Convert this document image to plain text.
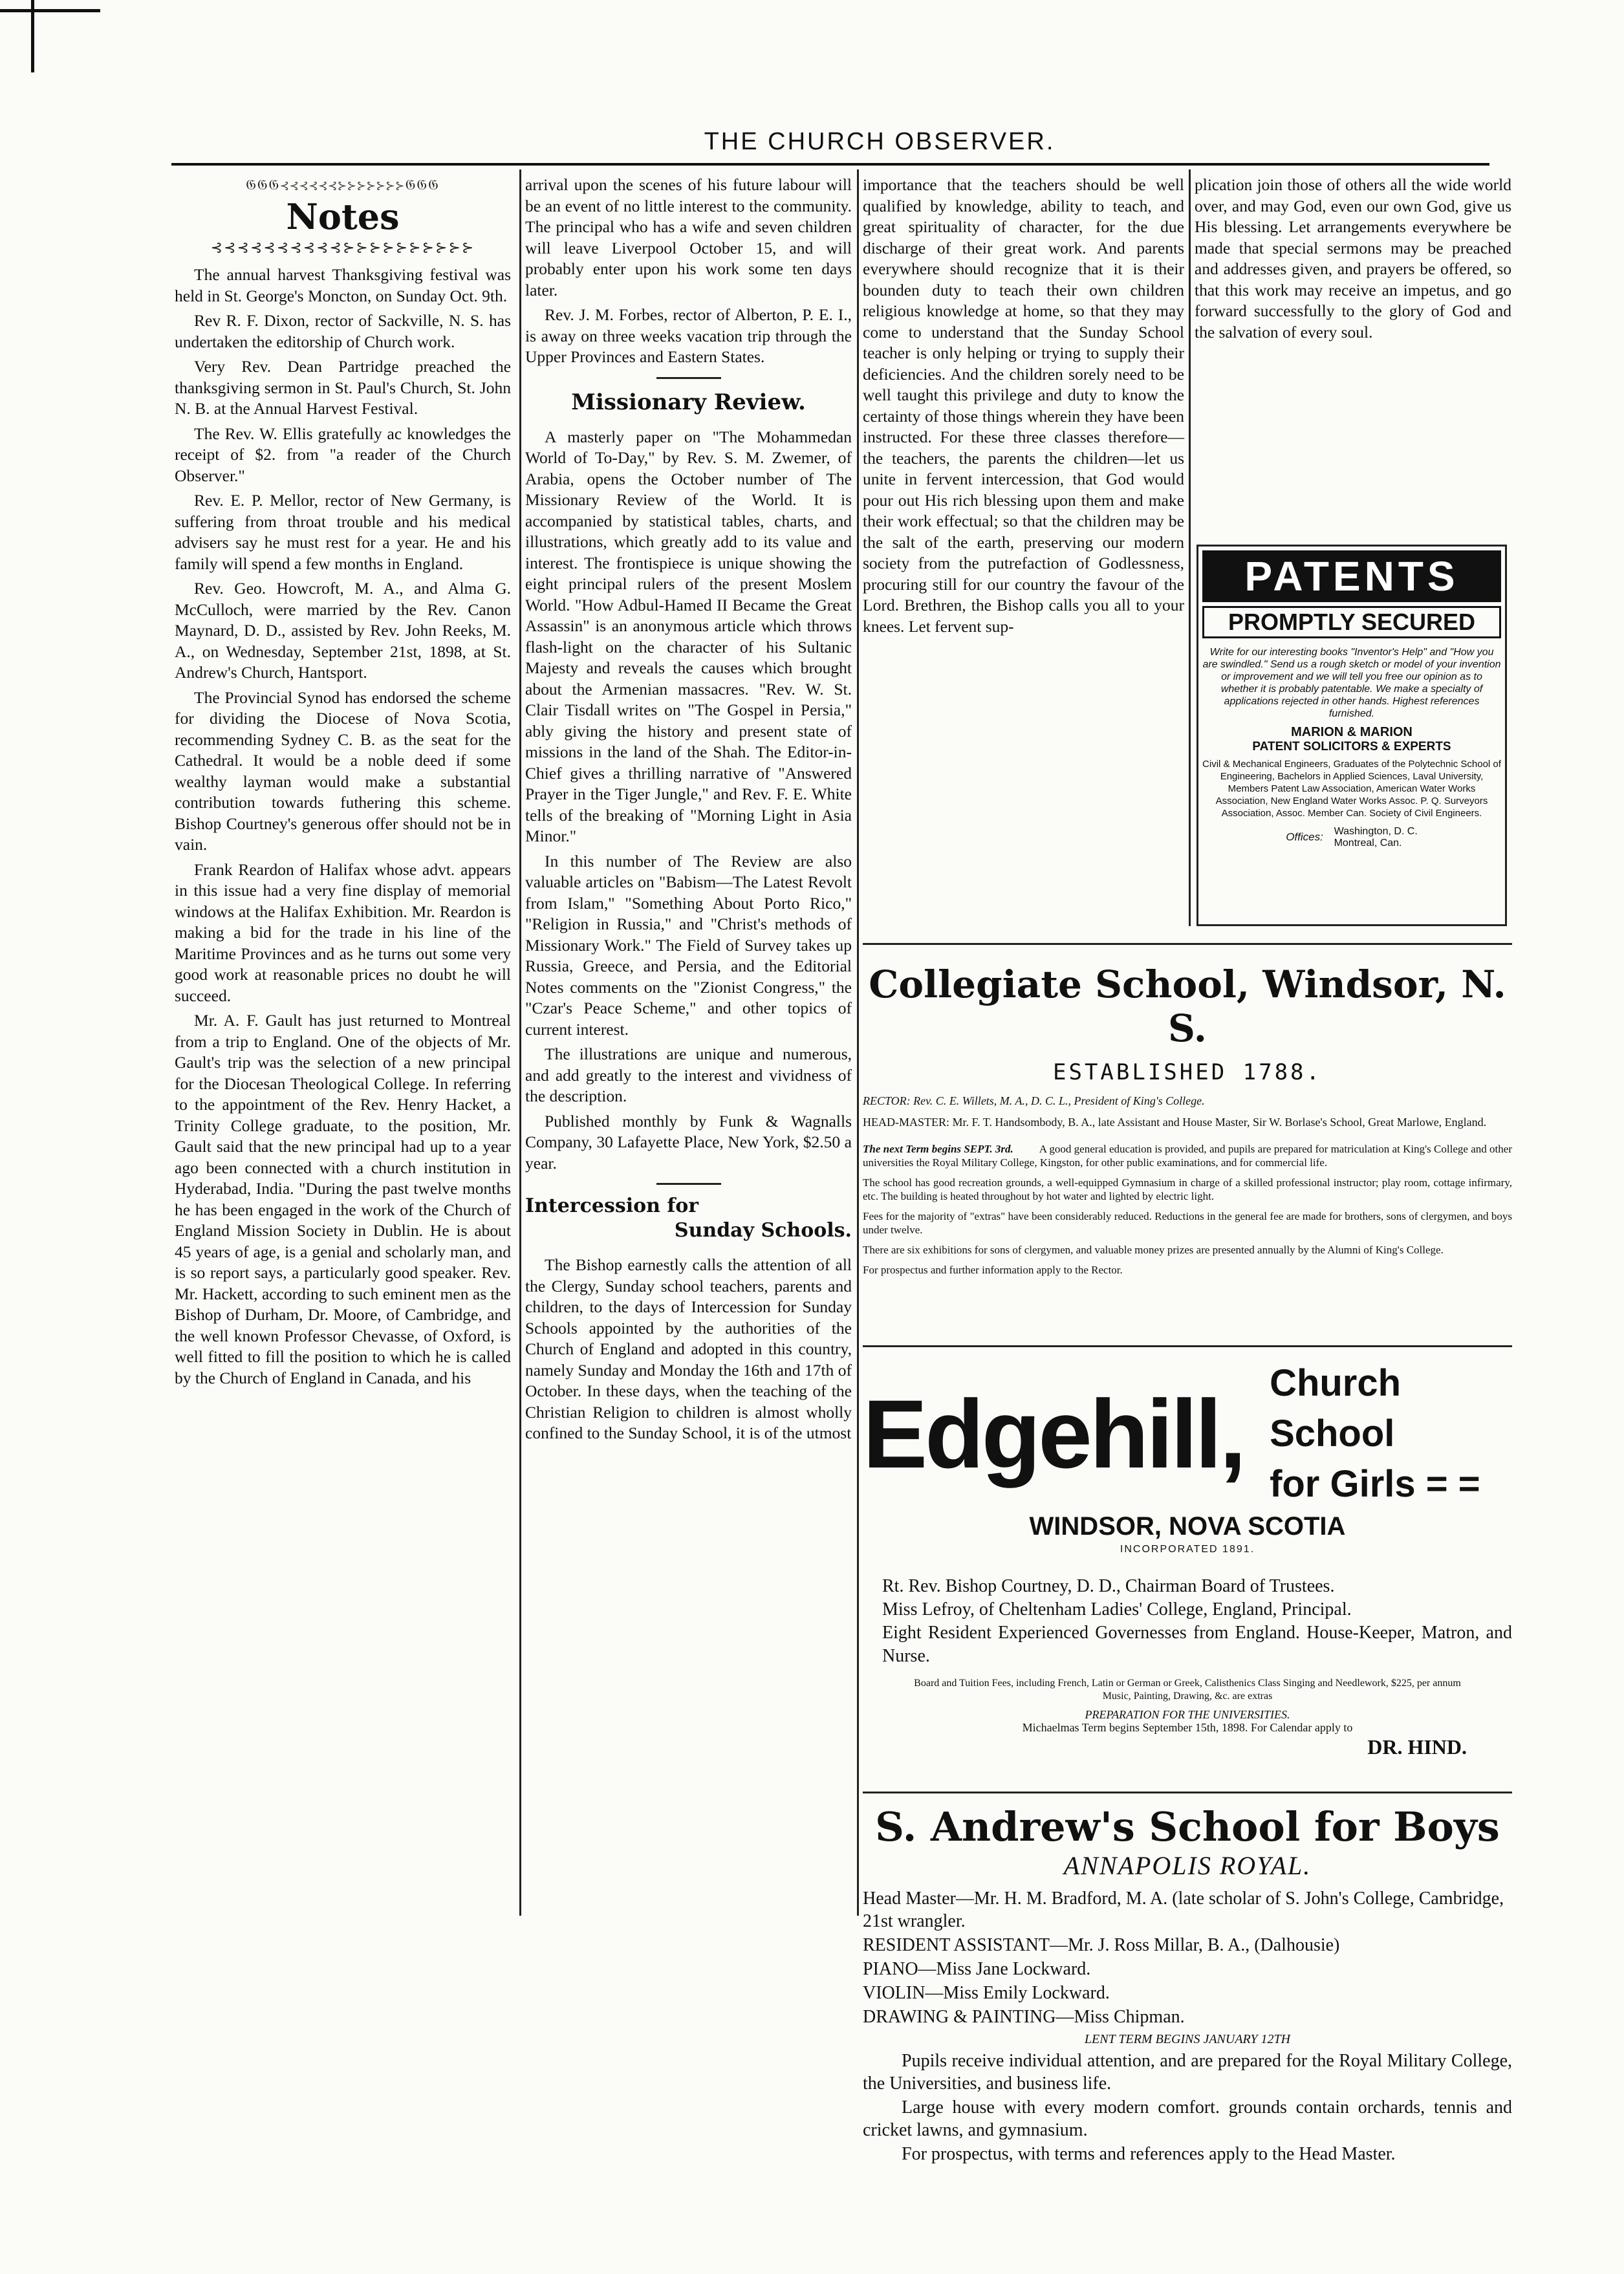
THE CHURCH OBSERVER.
𝔊𝔊𝔊⊰⊰⊰⊰⊰⊰⊱⊱⊱⊱⊱⊱⊱𝔊𝔊𝔊
Notes
⊰⊰⊰⊰⊰⊰⊰⊰⊰⊰⊱⊱⊱⊱⊱⊱⊱⊱⊱⊱

The annual harvest Thanksgiving festival was held in St. George's Moncton, on Sunday Oct. 9th.

Rev R. F. Dixon, rector of Sackville, N. S. has undertaken the editorship of Church work.

Very Rev. Dean Partridge preached the thanksgiving sermon in St. Paul's Church, St. John N. B. at the Annual Harvest Festival.

The Rev. W. Ellis gratefully ac knowledges the receipt of $2. from "a reader of the Church Observer."

Rev. E. P. Mellor, rector of New Germany, is suffering from throat trouble and his medical advisers say he must rest for a year. He and his family will spend a few months in England.

Rev. Geo. Howcroft, M. A., and Alma G. McCulloch, were married by the Rev. Canon Maynard, D. D., assisted by Rev. John Reeks, M. A., on Wednesday, September 21st, 1898, at St. Andrew's Church, Hantsport.

The Provincial Synod has endorsed the scheme for dividing the Diocese of Nova Scotia, recommending Sydney C. B. as the seat for the Cathedral. It would be a noble deed if some wealthy layman would make a substantial contribution towards futhering this scheme. Bishop Courtney's generous offer should not be in vain.

Frank Reardon of Halifax whose advt. appears in this issue had a very fine display of memorial windows at the Halifax Exhibition. Mr. Reardon is making a bid for the trade in his line of the Maritime Provinces and as he turns out some very good work at reasonable prices no doubt he will succeed.

Mr. A. F. Gault has just returned to Montreal from a trip to England. One of the objects of Mr. Gault's trip was the selection of a new principal for the Diocesan Theological College. In referring to the appointment of the Rev. Henry Hacket, a Trinity College graduate, to the position, Mr. Gault said that the new principal had up to a year ago been connected with a church institution in Hyderabad, India. "During the past twelve months he has been engaged in the work of the Church of England Mission Society in Dublin. He is about 45 years of age, is a genial and scholarly man, and is so report says, a particularly good speaker. Rev. Mr. Hackett, according to such eminent men as the Bishop of Durham, Dr. Moore, of Cambridge, and the well known Professor Chevasse, of Oxford, is well fitted to fill the position to which he is called by the Church of England in Canada, and his

arrival upon the scenes of his future labour will be an event of no little interest to the community. The principal who has a wife and seven children will leave Liverpool October 15, and will probably enter upon his work some ten days later.

Rev. J. M. Forbes, rector of Alberton, P. E. I., is away on three weeks vacation trip through the Upper Provinces and Eastern States.

Missionary Review.

A masterly paper on "The Mohammedan World of To-Day," by Rev. S. M. Zwemer, of Arabia, opens the October number of The Missionary Review of the World. It is accompanied by statistical tables, charts, and illustrations, which greatly add to its value and interest. The frontispiece is unique showing the eight principal rulers of the present Moslem World. "How Adbul-Hamed II Became the Great Assassin" is an anonymous article which throws flash-light on the character of his Sultanic Majesty and reveals the causes which brought about the Armenian massacres. "Rev. W. St. Clair Tisdall writes on "The Gospel in Persia," ably giving the history and present state of missions in the land of the Shah. The Editor-in-Chief gives a thrilling narrative of "Answered Prayer in the Tiger Jungle," and Rev. F. E. White tells of the breaking of "Morning Light in Asia Minor."

In this number of The Review are also valuable articles on "Babism—The Latest Revolt from Islam," "Something About Porto Rico," "Religion in Russia," and "Christ's methods of Missionary Work." The Field of Survey takes up Russia, Greece, and Persia, and the Editorial Notes comments on the "Zionist Congress," the "Czar's Peace Scheme," and other topics of current interest.

The illustrations are unique and numerous, and add greatly to the interest and vividness of the description.

Published monthly by Funk & Wagnalls Company, 30 Lafayette Place, New York, $2.50 a year.

Intercession for
Sunday Schools.

The Bishop earnestly calls the attention of all the Clergy, Sunday school teachers, parents and children, to the days of Intercession for Sunday Schools appointed by the authorities of the Church of England and adopted in this country, namely Sunday and Monday the 16th and 17th of October. In these days, when the teaching of the Christian Religion to children is almost wholly confined to the Sunday School, it is of the utmost

importance that the teachers should be well qualified by knowledge, ability to teach, and great spirituality of character, for the due discharge of their great work. And parents everywhere should recognize that it is their bounden duty to teach their own children religious knowledge at home, so that they may come to understand that the Sunday School teacher is only helping or trying to supply their deficiencies. And the children sorely need to be well taught this privilege and duty to know the certainty of those things wherein they have been instructed. For these three classes therefore—the teachers, the parents the children—let us unite in fervent intercession, that God would pour out His rich blessing upon them and make their work effectual; so that the children may be the salt of the earth, preserving our modern society from the putrefaction of Godlessness, procuring still for our country the favour of the Lord. Brethren, the Bishop calls you all to your knees. Let fervent sup-

plication join those of others all the wide world over, and may God, even our own God, give us His blessing. Let arrangements everywhere be made that special sermons may be preached and addresses given, and prayers be offered, so that this work may receive an impetus, and go forward successfully to the glory of God and the salvation of every soul.

PATENTS
PROMPTLY SECURED
Write for our interesting books "Inventor's Help" and "How you are swindled." Send us a rough sketch or model of your invention or improvement and we will tell you free our opinion as to whether it is probably patentable. We make a specialty of applications rejected in other hands. Highest references furnished.
MARION & MARION
PATENT SOLICITORS & EXPERTS
Civil & Mechanical Engineers, Graduates of the Polytechnic School of Engineering, Bachelors in Applied Sciences, Laval University, Members Patent Law Association, American Water Works Association, New England Water Works Assoc. P. Q. Surveyors Association, Assoc. Member Can. Society of Civil Engineers.
Offices: Washington, D. C.
Montreal, Can.
Collegiate School, Windsor, N. S.
ESTABLISHED 1788.
RECTOR: Rev. C. E. Willets, M. A., D. C. L., President of King's College.
HEAD-MASTER: Mr. F. T. Handsombody, B. A., late Assistant and House Master, Sir W. Borlase's School, Great Marlowe, England.

The next Term begins SEPT. 3rd. A good general education is provided, and pupils are prepared for matriculation at King's College and other universities the Royal Military College, Kingston, for other public examinations, and for commercial life.

The school has good recreation grounds, a well-equipped Gymnasium in charge of a skilled professional instructor; play room, cottage infirmary, etc. The building is heated throughout by hot water and lighted by electric light.

Fees for the majority of "extras" have been considerably reduced. Reductions in the general fee are made for brothers, sons of clergymen, and boys under twelve.

There are six exhibitions for sons of clergymen, and valuable money prizes are presented annually by the Alumni of King's College.

For prospectus and further information apply to the Rector.

Edgehill, Church School
for Girls = =
WINDSOR, NOVA SCOTIA
INCORPORATED 1891.
Rt. Rev. Bishop Courtney, D. D., Chairman Board of Trustees.
Miss Lefroy, of Cheltenham Ladies' College, England, Principal.
Eight Resident Experienced Governesses from England. House-Keeper, Matron, and Nurse.
Board and Tuition Fees, including French, Latin or German or Greek, Calisthenics Class Singing and Needlework, $225, per annum
Music, Painting, Drawing, &c. are extras
PREPARATION FOR THE UNIVERSITIES.
Michaelmas Term begins September 15th, 1898. For Calendar apply to
DR. HIND.
S. Andrew's School for Boys
ANNAPOLIS ROYAL.

Head Master—Mr. H. M. Bradford, M. A. (late scholar of S. John's College, Cambridge, 21st wrangler.

RESIDENT ASSISTANT—Mr. J. Ross Millar, B. A., (Dalhousie)

PIANO—Miss Jane Lockward.

VIOLIN—Miss Emily Lockward.

DRAWING & PAINTING—Miss Chipman.

LENT TERM BEGINS JANUARY 12TH

Pupils receive individual attention, and are prepared for the Royal Military College, the Universities, and business life.

Large house with every modern comfort. grounds contain orchards, tennis and cricket lawns, and gymnasium.

For prospectus, with terms and references apply to the Head Master.
